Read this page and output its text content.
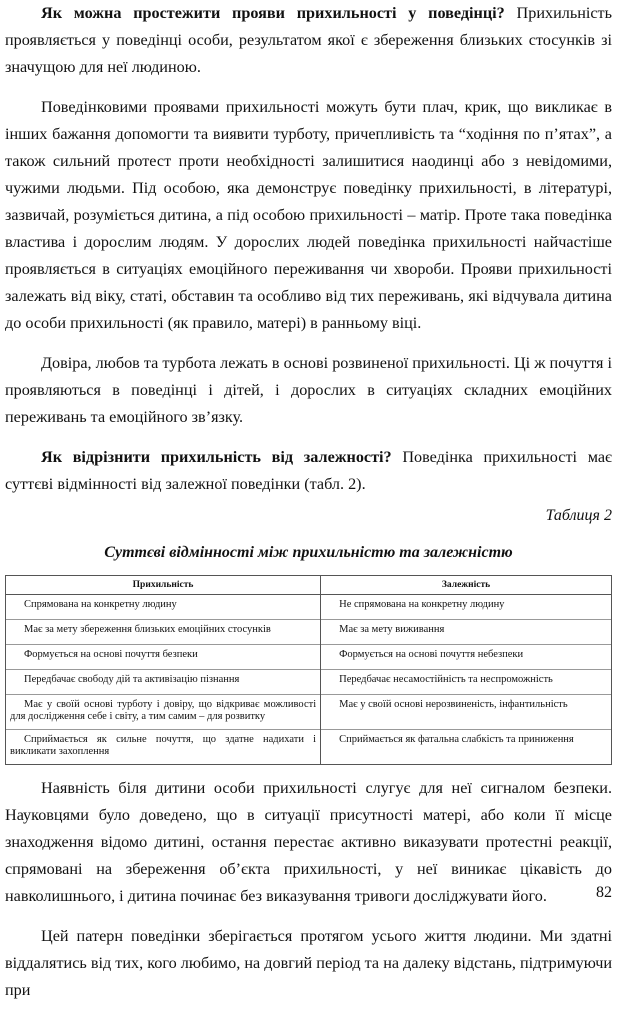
Як можна простежити прояви прихильності у поведінці? Прихильність проявляється у поведінці особи, результатом якої є збереження близьких стосунків зі значущою для неї людиною.

Поведінковими проявами прихильності можуть бути плач, крик, що викликає в інших бажання допомогти та виявити турботу, причепливість та “ходіння по п’ятах”, а також сильний протест проти необхідності залишитися наодинці або з невідомими, чужими людьми. Під особою, яка демонструє поведінку прихильності, в літературі, зазвичай, розуміється дитина, а під особою прихильності – матір. Проте така поведінка властива і дорослим людям. У дорослих людей поведінка прихильності найчастіше проявляється в ситуаціях емоційного переживання чи хвороби. Прояви прихильності залежать від віку, статі, обставин та особливо від тих переживань, які відчувала дитина до особи прихильності (як правило, матері) в ранньому віці.

Довіра, любов та турбота лежать в основі розвиненої прихильності. Ці ж почуття і проявляються в поведінці і дітей, і дорослих в ситуаціях складних емоційних переживань та емоційного зв’язку.

Як відрізнити прихильність від залежності? Поведінка прихильності має суттєві відмінності від залежної поведінки (табл. 2).

Таблиця 2
Суттєві відмінності між прихильністю та залежністю
Прихильність	Залежність
Спрямована на конкретну людину	Не спрямована на конкретну людину
Має за мету збереження близьких емоційних стосунків	Має за мету виживання
Формується на основі почуття безпеки	Формується на основі почуття небезпеки
Передбачає свободу дій та активізацію пізнання	Передбачає несамостійність та неспроможність
Має у своїй основі турботу і довіру, що відкриває можливості для дослідження себе і світу, а тим самим – для розвитку	Має у своїй основі нерозвиненість, інфантильність
Сприймається як сильне почуття, що здатне надихати і викликати захоплення	Сприймається як фатальна слабкість та приниження

Наявність біля дитини особи прихильності слугує для неї сигналом безпеки. Науковцями було доведено, що в ситуації присутності матері, або коли її місце знаходження відомо дитині, остання перестає активно виказувати протестні реакції, спрямовані на збереження об’єкта прихильності, у неї виникає цікавість до навколишнього, і дитина починає без виказування тривоги досліджувати його.

Цей патерн поведінки зберігається протягом усього життя людини. Ми здатні віддалятись від тих, кого любимо, на довгий період та на далеку відстань, підтримуючи при

82
